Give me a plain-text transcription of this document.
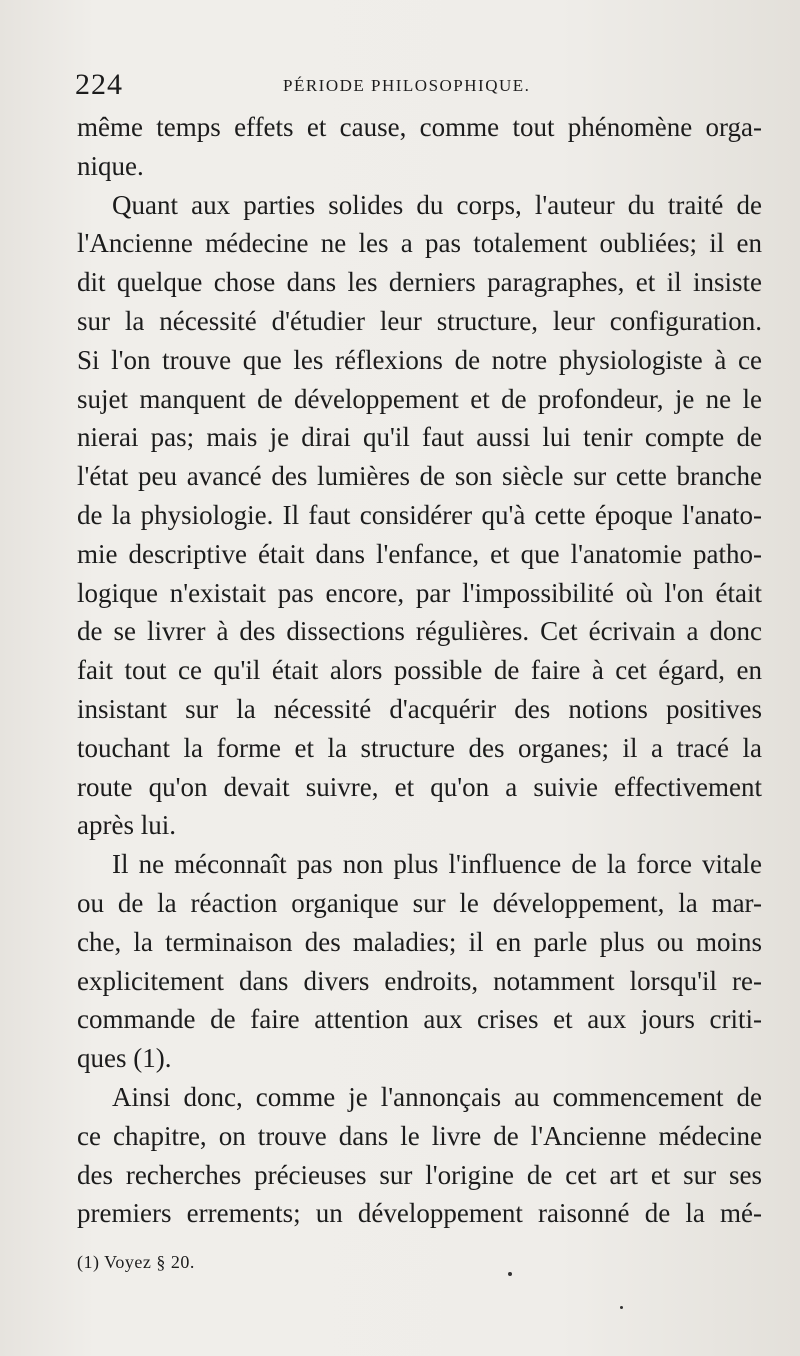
224	PÉRIODE PHILOSOPHIQUE.
même temps effets et cause, comme tout phénomène orga-
nique.
Quant aux parties solides du corps, l'auteur du traité de
l'Ancienne médecine ne les a pas totalement oubliées; il en
dit quelque chose dans les derniers paragraphes, et il insiste
sur la nécessité d'étudier leur structure, leur configuration.
Si l'on trouve que les réflexions de notre physiologiste à ce
sujet manquent de développement et de profondeur, je ne le
nierai pas; mais je dirai qu'il faut aussi lui tenir compte de
l'état peu avancé des lumières de son siècle sur cette branche
de la physiologie. Il faut considérer qu'à cette époque l'anato-
mie descriptive était dans l'enfance, et que l'anatomie patho-
logique n'existait pas encore, par l'impossibilité où l'on était
de se livrer à des dissections régulières. Cet écrivain a donc
fait tout ce qu'il était alors possible de faire à cet égard, en
insistant sur la nécessité d'acquérir des notions positives
touchant la forme et la structure des organes; il a tracé la
route qu'on devait suivre, et qu'on a suivie effectivement
après lui.
Il ne méconnaît pas non plus l'influence de la force vitale
ou de la réaction organique sur le développement, la mar-
che, la terminaison des maladies; il en parle plus ou moins
explicitement dans divers endroits, notamment lorsqu'il re-
commande de faire attention aux crises et aux jours criti-
ques (1).
Ainsi donc, comme je l'annonçais au commencement de
ce chapitre, on trouve dans le livre de l'Ancienne médecine
des recherches précieuses sur l'origine de cet art et sur ses
premiers errements; un développement raisonné de la mé-
(1) Voyez § 20.
